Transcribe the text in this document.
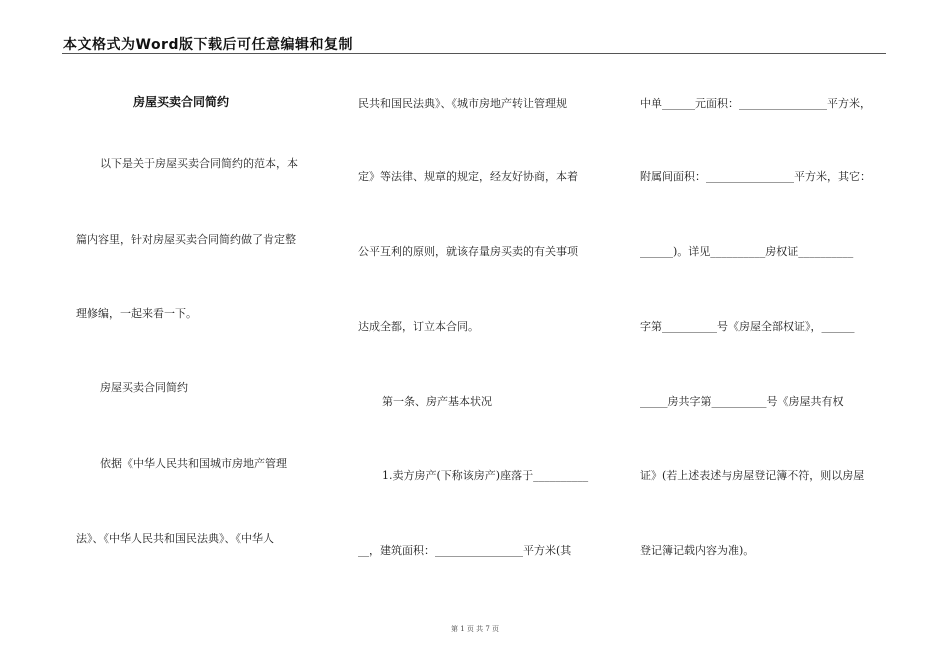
本文格式为Word版下载后可任意编辑和复制
房屋买卖合同简约
以下是关于房屋买卖合同简约的范本，本
篇内容里，针对房屋买卖合同简约做了肯定整
理修编，一起来看一下。
房屋买卖合同简约
依据《中华人民共和国城市房地产管理
法》、《中华人民共和国民法典》、《中华人
民共和国民法典》、《城市房地产转让管理规
定》等法律、规章的规定，经友好协商，本着
公平互利的原则，就该存量房买卖的有关事项
达成全都，订立本合同。
第一条、房产基本状况
1.卖方房产(下称该房产)座落于__________
__，建筑面积：________________平方米(其
中单______元面积：________________平方米，
附属间面积：________________平方米，其它：
______)。详见__________房权证__________
字第__________号《房屋全部权证》，______
_____房共字第__________号《房屋共有权
证》(若上述表述与房屋登记簿不符，则以房屋
登记簿记载内容为准)。
第 1 页 共 7 页
